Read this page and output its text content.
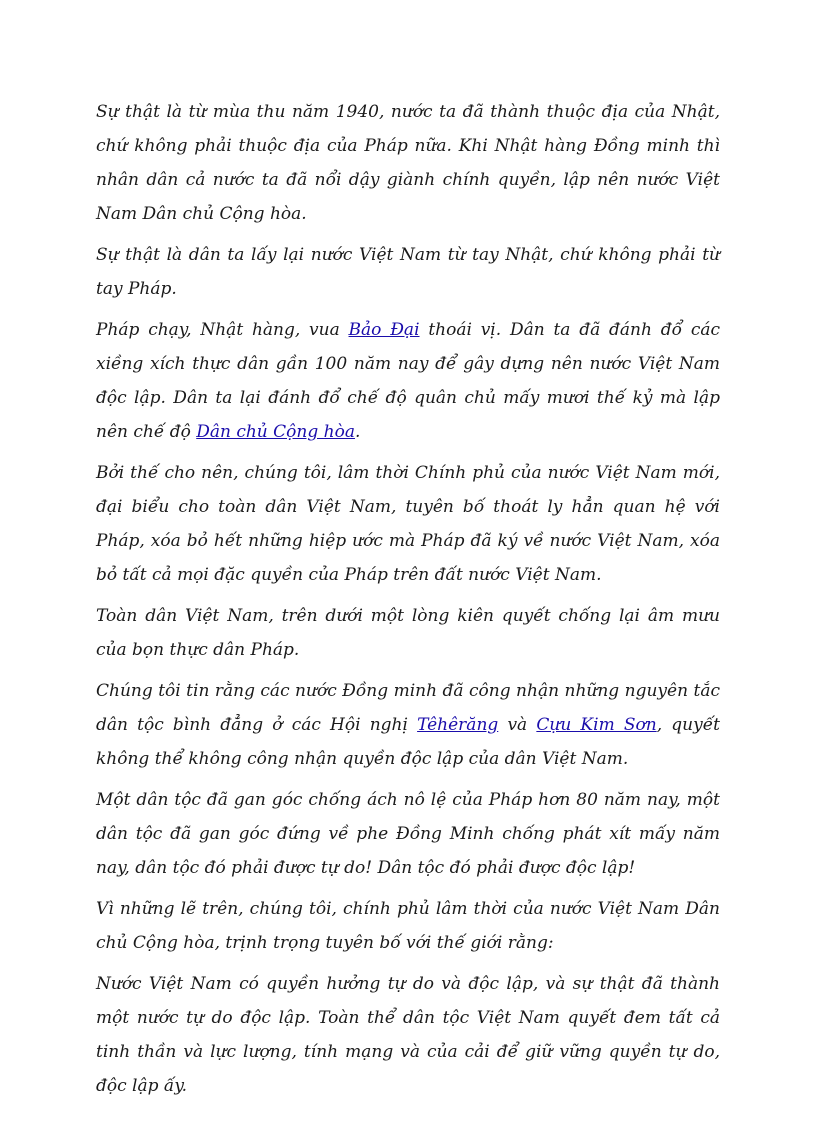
Sự thật là từ mùa thu năm 1940, nước ta đã thành thuộc địa của Nhật, chứ không phải thuộc địa của Pháp nữa. Khi Nhật hàng Đồng minh thì nhân dân cả nước ta đã nổi dậy giành chính quyền, lập nên nước Việt Nam Dân chủ Cộng hòa.

Sự thật là dân ta lấy lại nước Việt Nam từ tay Nhật, chứ không phải từ tay Pháp.

Pháp chạy, Nhật hàng, vua Bảo Đại thoái vị. Dân ta đã đánh đổ các xiềng xích thực dân gần 100 năm nay để gây dựng nên nước Việt Nam độc lập. Dân ta lại đánh đổ chế độ quân chủ mấy mươi thế kỷ mà lập nên chế độ Dân chủ Cộng hòa.

Bởi thế cho nên, chúng tôi, lâm thời Chính phủ của nước Việt Nam mới, đại biểu cho toàn dân Việt Nam, tuyên bố thoát ly hẳn quan hệ với Pháp, xóa bỏ hết những hiệp ước mà Pháp đã ký về nước Việt Nam, xóa bỏ tất cả mọi đặc quyền của Pháp trên đất nước Việt Nam.

Toàn dân Việt Nam, trên dưới một lòng kiên quyết chống lại âm mưu của bọn thực dân Pháp.

Chúng tôi tin rằng các nước Đồng minh đã công nhận những nguyên tắc dân tộc bình đẳng ở các Hội nghị Têhêrăng và Cựu Kim Sơn, quyết không thể không công nhận quyền độc lập của dân Việt Nam.

Một dân tộc đã gan góc chống ách nô lệ của Pháp hơn 80 năm nay, một dân tộc đã gan góc đứng về phe Đồng Minh chống phát xít mấy năm nay, dân tộc đó phải được tự do! Dân tộc đó phải được độc lập!

Vì những lẽ trên, chúng tôi, chính phủ lâm thời của nước Việt Nam Dân chủ Cộng hòa, trịnh trọng tuyên bố với thế giới rằng:

Nước Việt Nam có quyền hưởng tự do và độc lập, và sự thật đã thành một nước tự do độc lập. Toàn thể dân tộc Việt Nam quyết đem tất cả tinh thần và lực lượng, tính mạng và của cải để giữ vững quyền tự do, độc lập ấy.
